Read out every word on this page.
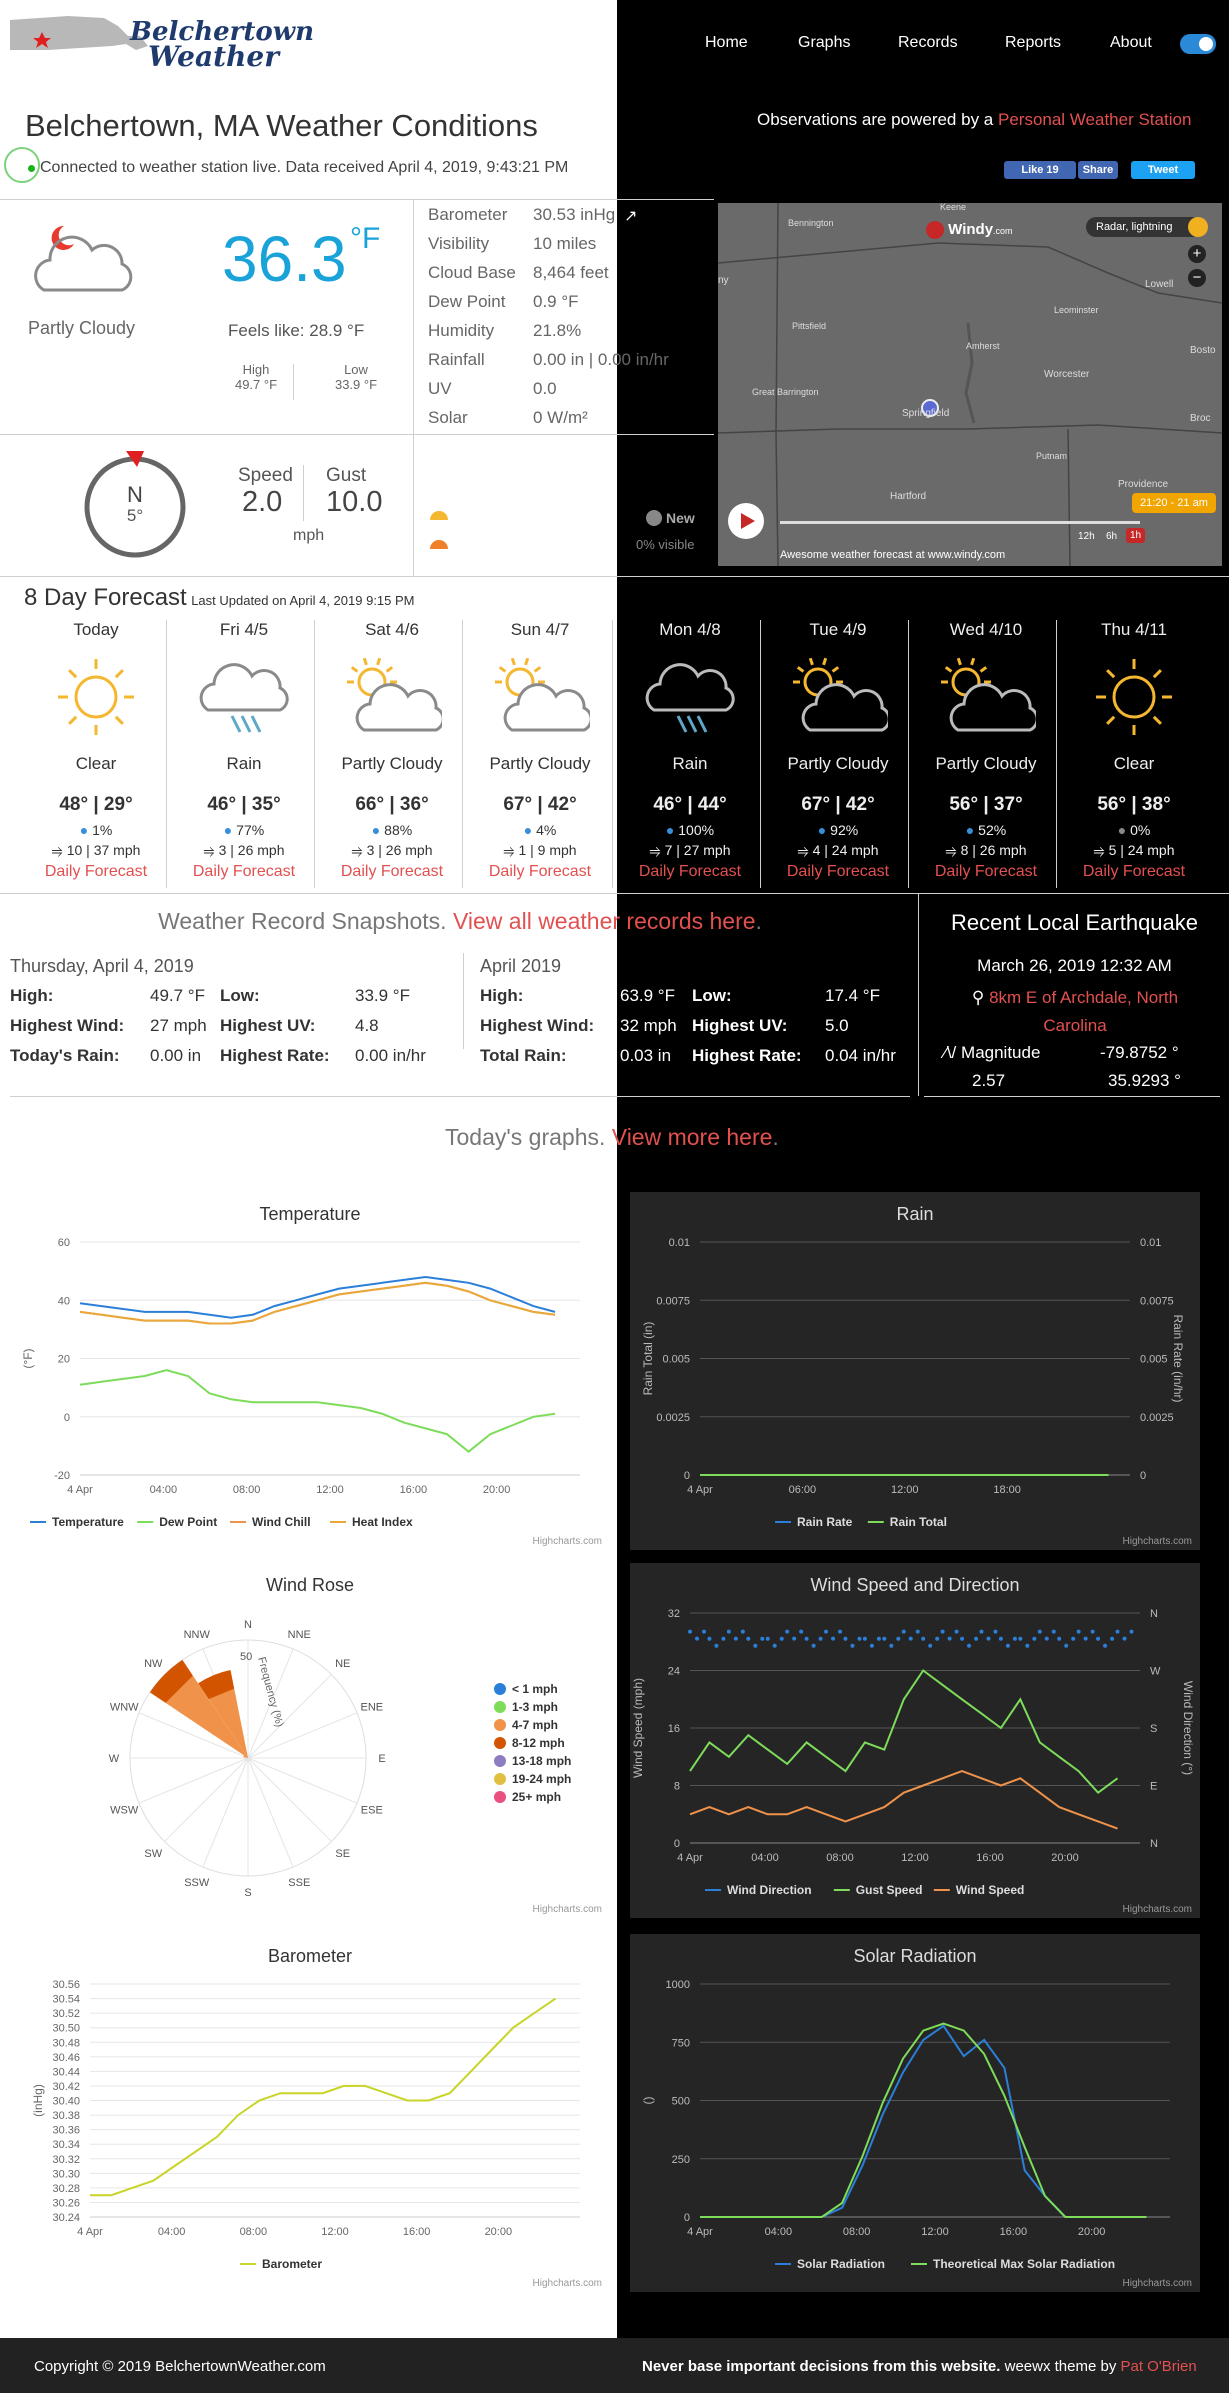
Belchertown
Weather	Home	Graphs	Records	Reports	About
Belchertown, MA Weather Conditions	Observations are powered by a Personal Weather Station
Connected to weather station live. Data received April 4, 2019, 9:43:21 PM	Like 19	Share	Tweet
Partly Cloudy
36.3 °F
Feels like: 28.9 °F
High
49.7 °F
Low
33.9 °F
Barometer 30.53 inHg ↗
Visibility	10 miles
Cloud Base 8,464 feet
Dew Point 0.9 °F
Humidity 21.8%
Rainfall	0.00 in | 0.00 in/hr
UV	0.0
Solar	0 W/m²
N
5°
Speed
2.0
Gust
10.0
mph
Sun & Moon
6:26 AM
7:18 PM
New
0% visible
Windy.com	Radar, lightning
+
−
Keene
Bennington
Lowell
Leominster
Pittsfield
Amherst
Worcester
Great Barrington
Springfield
Putnam
Hartford
Providence
Bosto
Broc
ny
21:20 - 21 am
12h 6h	1h
Awesome weather forecast at www.windy.com
8 Day Forecast Last Updated on April 4, 2019 9:15 PM
Today
Clear
48° | 29°
● 1%
⥤ 10 | 37 mph
Daily Forecast
Fri 4/5
Rain
46° | 35°
● 77%
⥤ 3 | 26 mph
Daily Forecast
Sat 4/6
Partly Cloudy
66° | 36°
● 88%
⥤ 3 | 26 mph
Daily Forecast
Sun 4/7
Partly Cloudy
67° | 42°
● 4%
⥤ 1 | 9 mph
Daily Forecast
Mon 4/8
Rain
46° | 44°
● 100%
⥤ 7 | 27 mph
Daily Forecast
Tue 4/9
Partly Cloudy
67° | 42°
● 92%
⥤ 4 | 24 mph
Daily Forecast
Wed 4/10
Partly Cloudy
56° | 37°
● 52%
⥤ 8 | 26 mph
Daily Forecast
Thu 4/11
Clear
56° | 38°
● 0%
⥤ 5 | 24 mph
Daily Forecast
Weather Record Snapshots. View all weather records here.
Thursday, April 4, 2019
High:	49.7 °F Low:	33.9 °F
Highest Wind: 27 mph Highest UV: 4.8
Today's Rain: 0.00 in Highest Rate: 0.00 in/hr
April 2019
High:	63.9 °F Low:	17.4 °F
Highest Wind: 32 mph Highest UV: 5.0
Total Rain:	0.03 in Highest Rate: 0.04 in/hr
Recent Local Earthquake
March 26, 2019 12:32 AM
⚲ 8km E of Archdale, North Carolina
⁄\/ Magnitude
2.57
-79.8752 °
35.9293 °
Today's graphs. View more here.
Temperature
60
40
20
0
-20
4 Apr	04:00	08:00	12:00	16:00	20:00
(°F)
Temperature	Dew Point	Wind Chill	Heat Index
Highcharts.com
Rain
0.01	0.01
0.0075	0.0075
0.005	0.005
0.0025	0.0025
0	0
4 Apr	06:00	12:00	18:00
Rain Total (in)	Rain Rate (in/hr)
Rain Rate	Rain Total
Highcharts.com
Wind Rose
N
NNE
NE
ENE
E
ESE
SE
SSE
S
SSW
SW
WSW
W
WNW
NW
NNW
50 Frequency (%)	< 1 mph
1-3 mph
4-7 mph
8-12 mph
13-18 mph
19-24 mph
25+ mph
Highcharts.com
Wind Speed and Direction
32	N
24	W
16	S
8	E
0	N
4 Apr	04:00	08:00	12:00	16:00	20:00
Wind Speed (mph)	Wind Direction (°)
Wind Direction	Gust Speed	Wind Speed
Highcharts.com
Barometer
30.56
30.54
30.52
30.50
30.48
30.46
30.44
30.42
30.40
30.38
30.36
30.34
30.32
30.30
30.28
30.26
30.24
4 Apr	04:00	08:00	12:00	16:00	20:00
(inHg)
Barometer
Highcharts.com
Solar Radiation
1000
750
500
250
0
4 Apr	04:00	08:00	12:00	16:00	20:00
()
Solar Radiation	Theoretical Max Solar Radiation
Highcharts.com
Copyright © 2019 BelchertownWeather.com	Never base important decisions from this website. weewx theme by Pat O'Brien
